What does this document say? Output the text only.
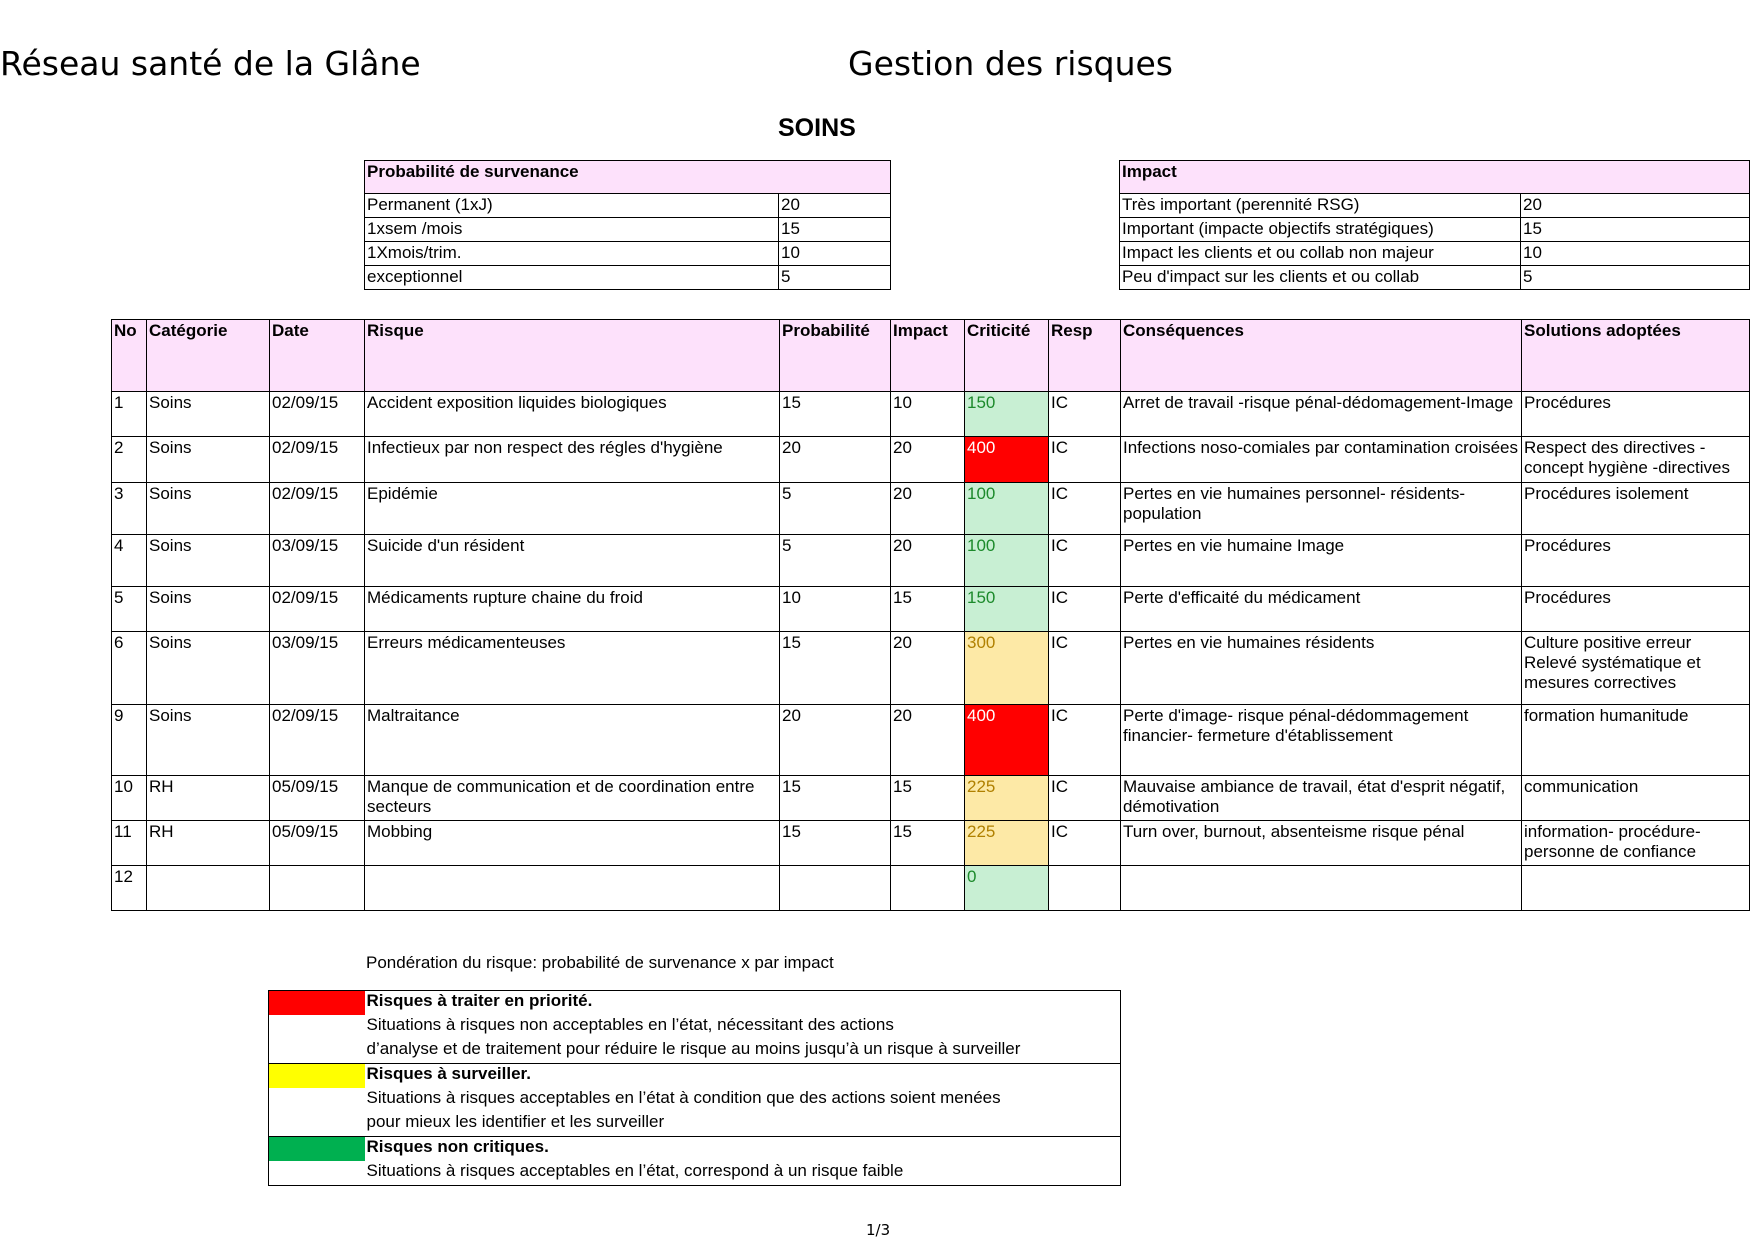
Réseau santé de la Glâne	Gestion des risques
SOINS
Probabilité de survenance	
Permanent (1xJ)	20
1xsem /mois	15
1Xmois/trim.	10
exceptionnel	5
Impact	
Très important (perennité RSG)	20
Important (impacte objectifs stratégiques)	15
Impact les clients et ou collab non majeur	10
Peu d'impact sur les clients et ou collab	5
No	Catégorie	Date	Risque	Probabilité	Impact	Criticité	Resp	Conséquences	Solutions adoptées
1	Soins	02/09/15	Accident exposition liquides biologiques	15	10	150	IC	Arret de travail -risque pénal-dédomagement-Image	Procédures
2	Soins	02/09/15	Infectieux par non respect des régles d'hygiène	20	20	400	IC	Infections noso-comiales par contamination croisées	Respect des directives - concept hygiène -directives
3	Soins	02/09/15	Epidémie	5	20	100	IC	Pertes en vie humaines personnel- résidents- population	Procédures isolement
4	Soins	03/09/15	Suicide d'un résident	5	20	100	IC	Pertes en vie humaine Image	Procédures
5	Soins	02/09/15	Médicaments rupture chaine du froid	10	15	150	IC	Perte d'efficaité du médicament	Procédures
6	Soins	03/09/15	Erreurs médicamenteuses	15	20	300	IC	Pertes en vie humaines résidents	Culture positive erreur Relevé systématique et mesures correctives
9	Soins	02/09/15	Maltraitance	20	20	400	IC	Perte d'image- risque pénal-dédommagement financier- fermeture d'établissement	formation humanitude
10	RH	05/09/15	Manque de communication et de coordination entre secteurs	15	15	225	IC	Mauvaise ambiance de travail, état d'esprit négatif, démotivation	communication
11	RH	05/09/15	Mobbing	15	15	225	IC	Turn over, burnout, absenteisme risque pénal	information- procédure- personne de confiance
12						0			
Pondération du risque: probabilité de survenance x par impact
	Risques à traiter en priorité.
	Situations à risques non acceptables en l’état, nécessitant des actions
	d’analyse et de traitement pour réduire le risque au moins jusqu’à un risque à surveiller

	Risques à surveiller.
	Situations à risques acceptables en l’état à condition que des actions soient menées
	pour mieux les identifier et les surveiller

	Risques non critiques.
	Situations à risques acceptables en l’état, correspond à un risque faible
1/3
